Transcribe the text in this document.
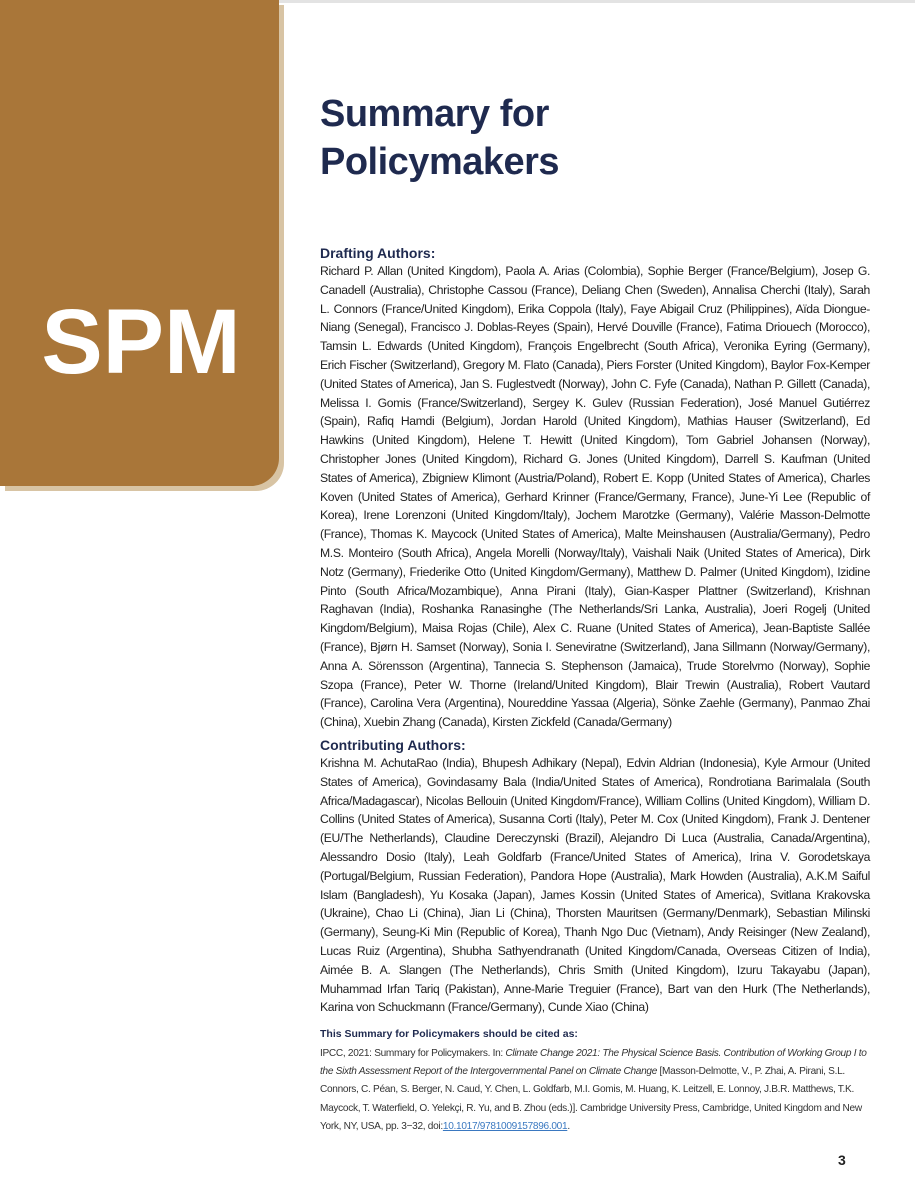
SPM
Summary for
Policymakers
Drafting Authors:
Richard P. Allan (United Kingdom), Paola A. Arias (Colombia), Sophie Berger (France/Belgium), Josep G. Canadell (Australia), Christophe Cassou (France), Deliang Chen (Sweden), Annalisa Cherchi (Italy), Sarah L. Connors (France/United Kingdom), Erika Coppola (Italy), Faye Abigail Cruz (Philippines), Aïda Diongue-Niang (Senegal), Francisco J. Doblas-Reyes (Spain), Hervé Douville (France), Fatima Driouech (Morocco), Tamsin L. Edwards (United Kingdom), François Engelbrecht (South Africa), Veronika Eyring (Germany), Erich Fischer (Switzerland), Gregory M. Flato (Canada), Piers Forster (United Kingdom), Baylor Fox-Kemper (United States of America), Jan S. Fuglestvedt (Norway), John C. Fyfe (Canada), Nathan P. Gillett (Canada), Melissa I. Gomis (France/Switzerland), Sergey K. Gulev (Russian Federation), José Manuel Gutiérrez (Spain), Rafiq Hamdi (Belgium), Jordan Harold (United Kingdom), Mathias Hauser (Switzerland), Ed Hawkins (United Kingdom), Helene T. Hewitt (United Kingdom), Tom Gabriel Johansen (Norway), Christopher Jones (United Kingdom), Richard G. Jones (United Kingdom), Darrell S. Kaufman (United States of America), Zbigniew Klimont (Austria/Poland), Robert E. Kopp (United States of America), Charles Koven (United States of America), Gerhard Krinner (France/Germany, France), June-Yi Lee (Republic of Korea), Irene Lorenzoni (United Kingdom/Italy), Jochem Marotzke (Germany), Valérie Masson-Delmotte (France), Thomas K. Maycock (United States of America), Malte Meinshausen (Australia/Germany), Pedro M.S. Monteiro (South Africa), Angela Morelli (Norway/Italy), Vaishali Naik (United States of America), Dirk Notz (Germany), Friederike Otto (United Kingdom/Germany), Matthew D. Palmer (United Kingdom), Izidine Pinto (South Africa/Mozambique), Anna Pirani (Italy), Gian-Kasper Plattner (Switzerland), Krishnan Raghavan (India), Roshanka Ranasinghe (The Netherlands/Sri Lanka, Australia), Joeri Rogelj (United Kingdom/Belgium), Maisa Rojas (Chile), Alex C. Ruane (United States of America), Jean-Baptiste Sallée (France), Bjørn H. Samset (Norway), Sonia I. Seneviratne (Switzerland), Jana Sillmann (Norway/Germany), Anna A. Sörensson (Argentina), Tannecia S. Stephenson (Jamaica), Trude Storelvmo (Norway), Sophie Szopa (France), Peter W. Thorne (Ireland/United Kingdom), Blair Trewin (Australia), Robert Vautard (France), Carolina Vera (Argentina), Noureddine Yassaa (Algeria), Sönke Zaehle (Germany), Panmao Zhai (China), Xuebin Zhang (Canada), Kirsten Zickfeld (Canada/Germany)
Contributing Authors:
Krishna M. AchutaRao (India), Bhupesh Adhikary (Nepal), Edvin Aldrian (Indonesia), Kyle Armour (United States of America), Govindasamy Bala (India/United States of America), Rondrotiana Barimalala (South Africa/Madagascar), Nicolas Bellouin (United Kingdom/France), William Collins (United Kingdom), William D. Collins (United States of America), Susanna Corti (Italy), Peter M. Cox (United Kingdom), Frank J. Dentener (EU/The Netherlands), Claudine Dereczynski (Brazil), Alejandro Di Luca (Australia, Canada/Argentina), Alessandro Dosio (Italy), Leah Goldfarb (France/United States of America), Irina V. Gorodetskaya (Portugal/Belgium, Russian Federation), Pandora Hope (Australia), Mark Howden (Australia), A.K.M Saiful Islam (Bangladesh), Yu Kosaka (Japan), James Kossin (United States of America), Svitlana Krakovska (Ukraine), Chao Li (China), Jian Li (China), Thorsten Mauritsen (Germany/Denmark), Sebastian Milinski (Germany), Seung-Ki Min (Republic of Korea), Thanh Ngo Duc (Vietnam), Andy Reisinger (New Zealand), Lucas Ruiz (Argentina), Shubha Sathyendranath (United Kingdom/Canada, Overseas Citizen of India), Aimée B. A. Slangen (The Netherlands), Chris Smith (United Kingdom), Izuru Takayabu (Japan), Muhammad Irfan Tariq (Pakistan), Anne-Marie Treguier (France), Bart van den Hurk (The Netherlands), Karina von Schuckmann (France/Germany), Cunde Xiao (China)
This Summary for Policymakers should be cited as:
IPCC, 2021: Summary for Policymakers. In: Climate Change 2021: The Physical Science Basis. Contribution of Working Group I to the Sixth Assessment Report of the Intergovernmental Panel on Climate Change [Masson-Delmotte, V., P. Zhai, A. Pirani, S.L. Connors, C. Péan, S. Berger, N. Caud, Y. Chen, L. Goldfarb, M.I. Gomis, M. Huang, K. Leitzell, E. Lonnoy, J.B.R. Matthews, T.K. Maycock, T. Waterfield, O. Yelekçi, R. Yu, and B. Zhou (eds.)]. Cambridge University Press, Cambridge, United Kingdom and New York, NY, USA, pp. 3−32, doi:10.1017/9781009157896.001.
3
